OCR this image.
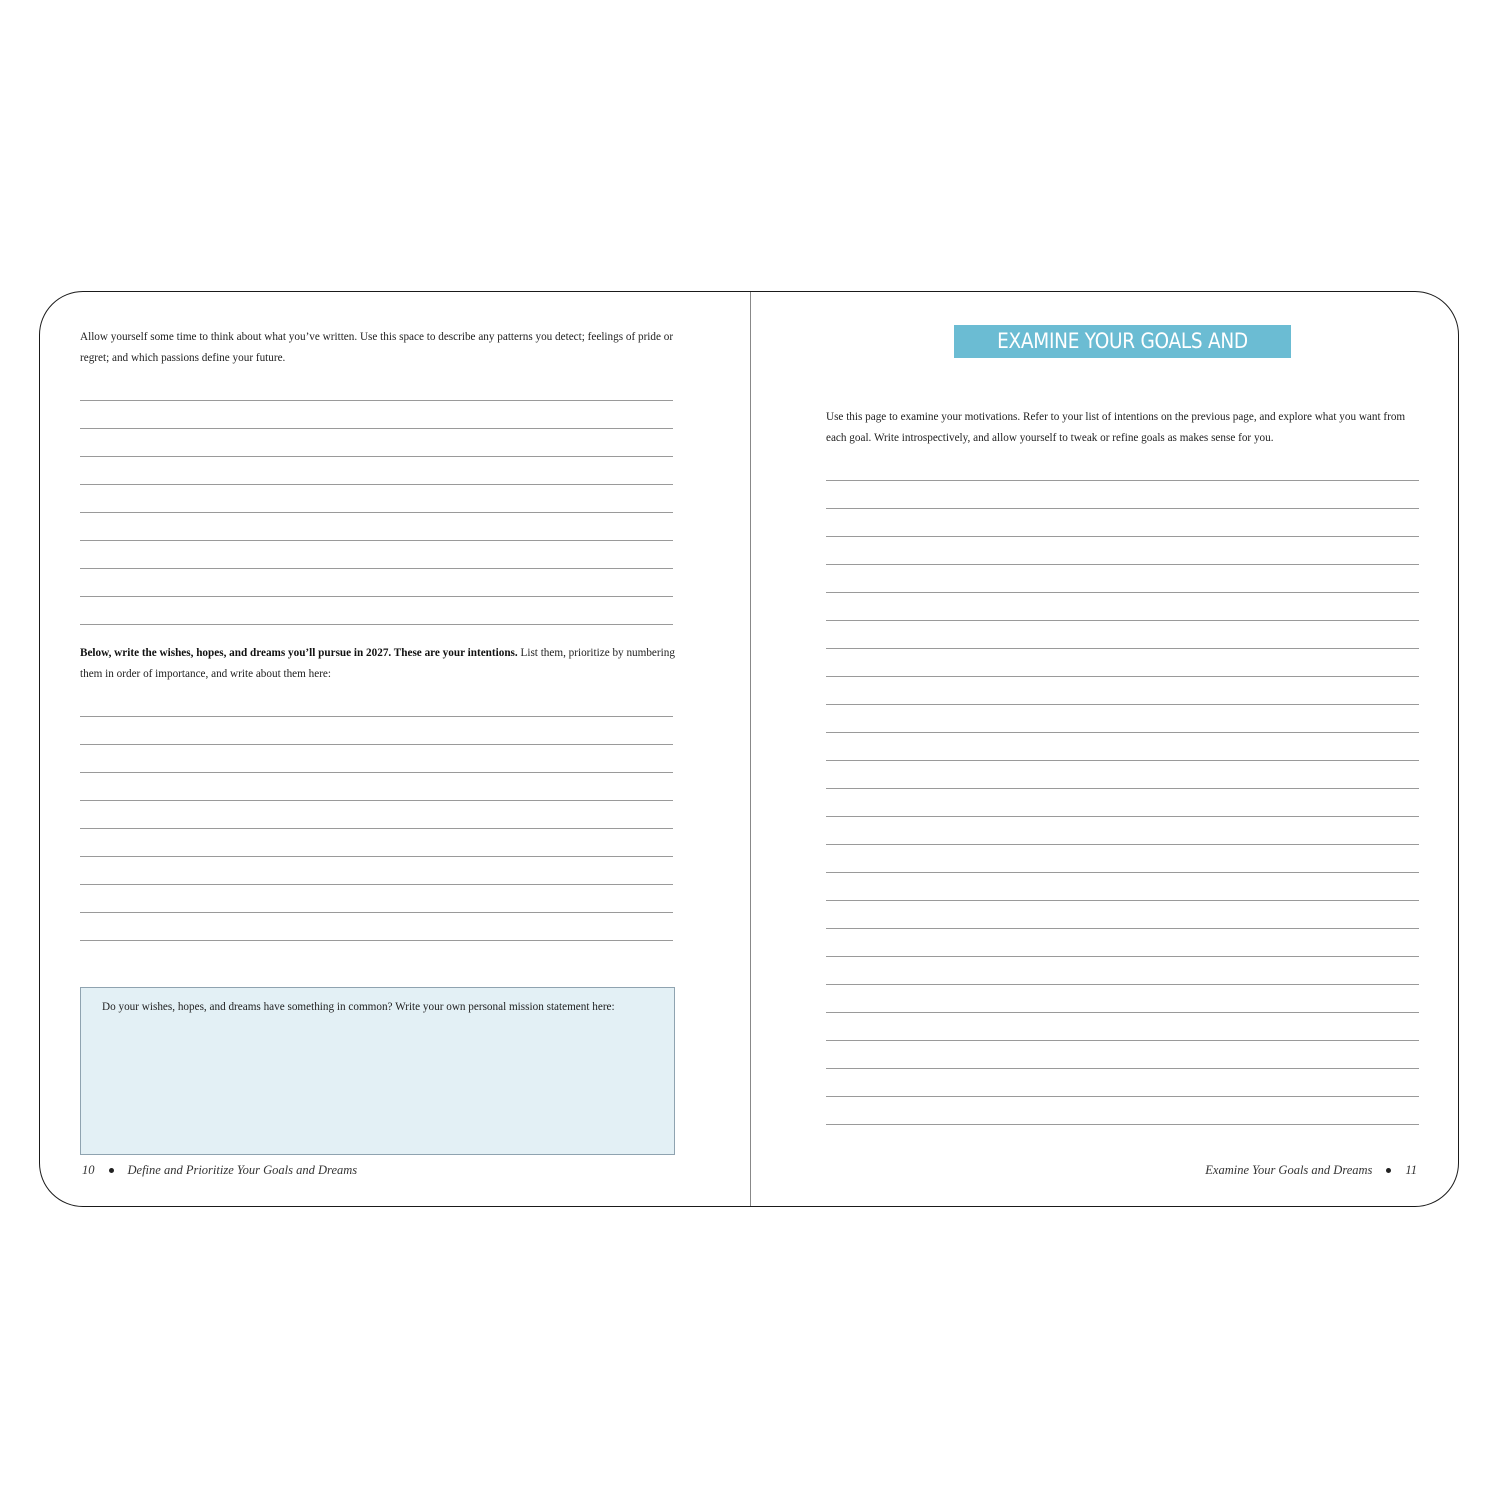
Allow yourself some time to think about what you’ve written. Use this space to describe any patterns you detect; feelings of pride or regret; and which passions define your future.

Below, write the wishes, hopes, and dreams you’ll pursue in 2027. These are your intentions. List them, prioritize by numbering them in order of importance, and write about them here:

Do your wishes, hopes, and dreams have something in common? Write your own personal mission statement here:

10	Define and Prioritize Your Goals and Dreams
EXAMINE YOUR GOALS AND DREAMS

Use this page to examine your motivations. Refer to your list of intentions on the previous page, and explore what you want from each goal. Write introspectively, and allow yourself to tweak or refine goals as makes sense for you.

Examine Your Goals and Dreams	11
